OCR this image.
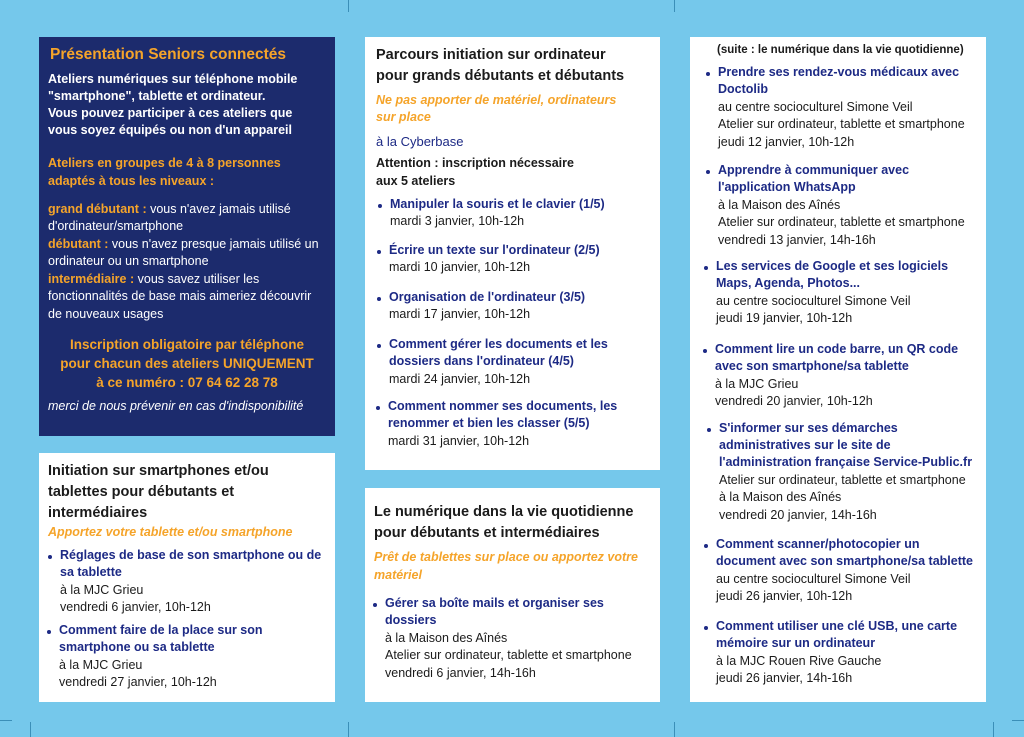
Présentation Seniors connectés
Ateliers numériques sur téléphone mobile
"smartphone", tablette et ordinateur.
Vous pouvez participer à ces ateliers que
vous soyez équipés ou non d'un appareil
Ateliers en groupes de 4 à 8 personnes
adaptés à tous les niveaux :
grand débutant : vous n'avez jamais utilisé
d'ordinateur/smartphone
débutant : vous n'avez presque jamais utilisé un
ordinateur ou un smartphone
intermédiaire : vous savez utiliser les
fonctionnalités de base mais aimeriez découvrir
de nouveaux usages
Inscription obligatoire par téléphone
pour chacun des ateliers UNIQUEMENT
à ce numéro : 07 64 62 28 78
merci de nous prévenir en cas d'indisponibilité
Initiation sur smartphones et/ou
tablettes pour débutants et
intermédiaires
Apportez votre tablette et/ou smartphone
Réglages de base de son smartphone ou de
sa tablette
à la MJC Grieu
vendredi 6 janvier, 10h-12h
Comment faire de la place sur son
smartphone ou sa tablette
à la MJC Grieu
vendredi 27 janvier, 10h-12h
Parcours initiation sur ordinateur
pour grands débutants et débutants
Ne pas apporter de matériel, ordinateurs
sur place
à la Cyberbase
Attention : inscription nécessaire
aux 5 ateliers
Manipuler la souris et le clavier (1/5)
mardi 3 janvier, 10h-12h
Écrire un texte sur l'ordinateur (2/5)
mardi 10 janvier, 10h-12h
Organisation de l'ordinateur (3/5)
mardi 17 janvier, 10h-12h
Comment gérer les documents et les
dossiers dans l'ordinateur (4/5)
mardi 24 janvier, 10h-12h
Comment nommer ses documents, les
renommer et bien les classer (5/5)
mardi 31 janvier, 10h-12h
Le numérique dans la vie quotidienne
pour débutants et intermédiaires
Prêt de tablettes sur place ou apportez votre
matériel
Gérer sa boîte mails et organiser ses
dossiers
à la Maison des Aînés
Atelier sur ordinateur, tablette et smartphone
vendredi 6 janvier, 14h-16h
(suite : le numérique dans la vie quotidienne)
Prendre ses rendez-vous médicaux avec
Doctolib
au centre socioculturel Simone Veil
Atelier sur ordinateur, tablette et smartphone
jeudi 12 janvier, 10h-12h
Apprendre à communiquer avec
l'application WhatsApp
à la Maison des Aînés
Atelier sur ordinateur, tablette et smartphone
vendredi 13 janvier, 14h-16h
Les services de Google et ses logiciels
Maps, Agenda, Photos...
au centre socioculturel Simone Veil
jeudi 19 janvier, 10h-12h
Comment lire un code barre, un QR code
avec son smartphone/sa tablette
à la MJC Grieu
vendredi 20 janvier, 10h-12h
S'informer sur ses démarches
administratives sur le site de
l'administration française Service-Public.fr
Atelier sur ordinateur, tablette et smartphone
à la Maison des Aînés
vendredi 20 janvier, 14h-16h
Comment scanner/photocopier un
document avec son smartphone/sa tablette
au centre socioculturel Simone Veil
jeudi 26 janvier, 10h-12h
Comment utiliser une clé USB, une carte
mémoire sur un ordinateur
à la MJC Rouen Rive Gauche
jeudi 26 janvier, 14h-16h
